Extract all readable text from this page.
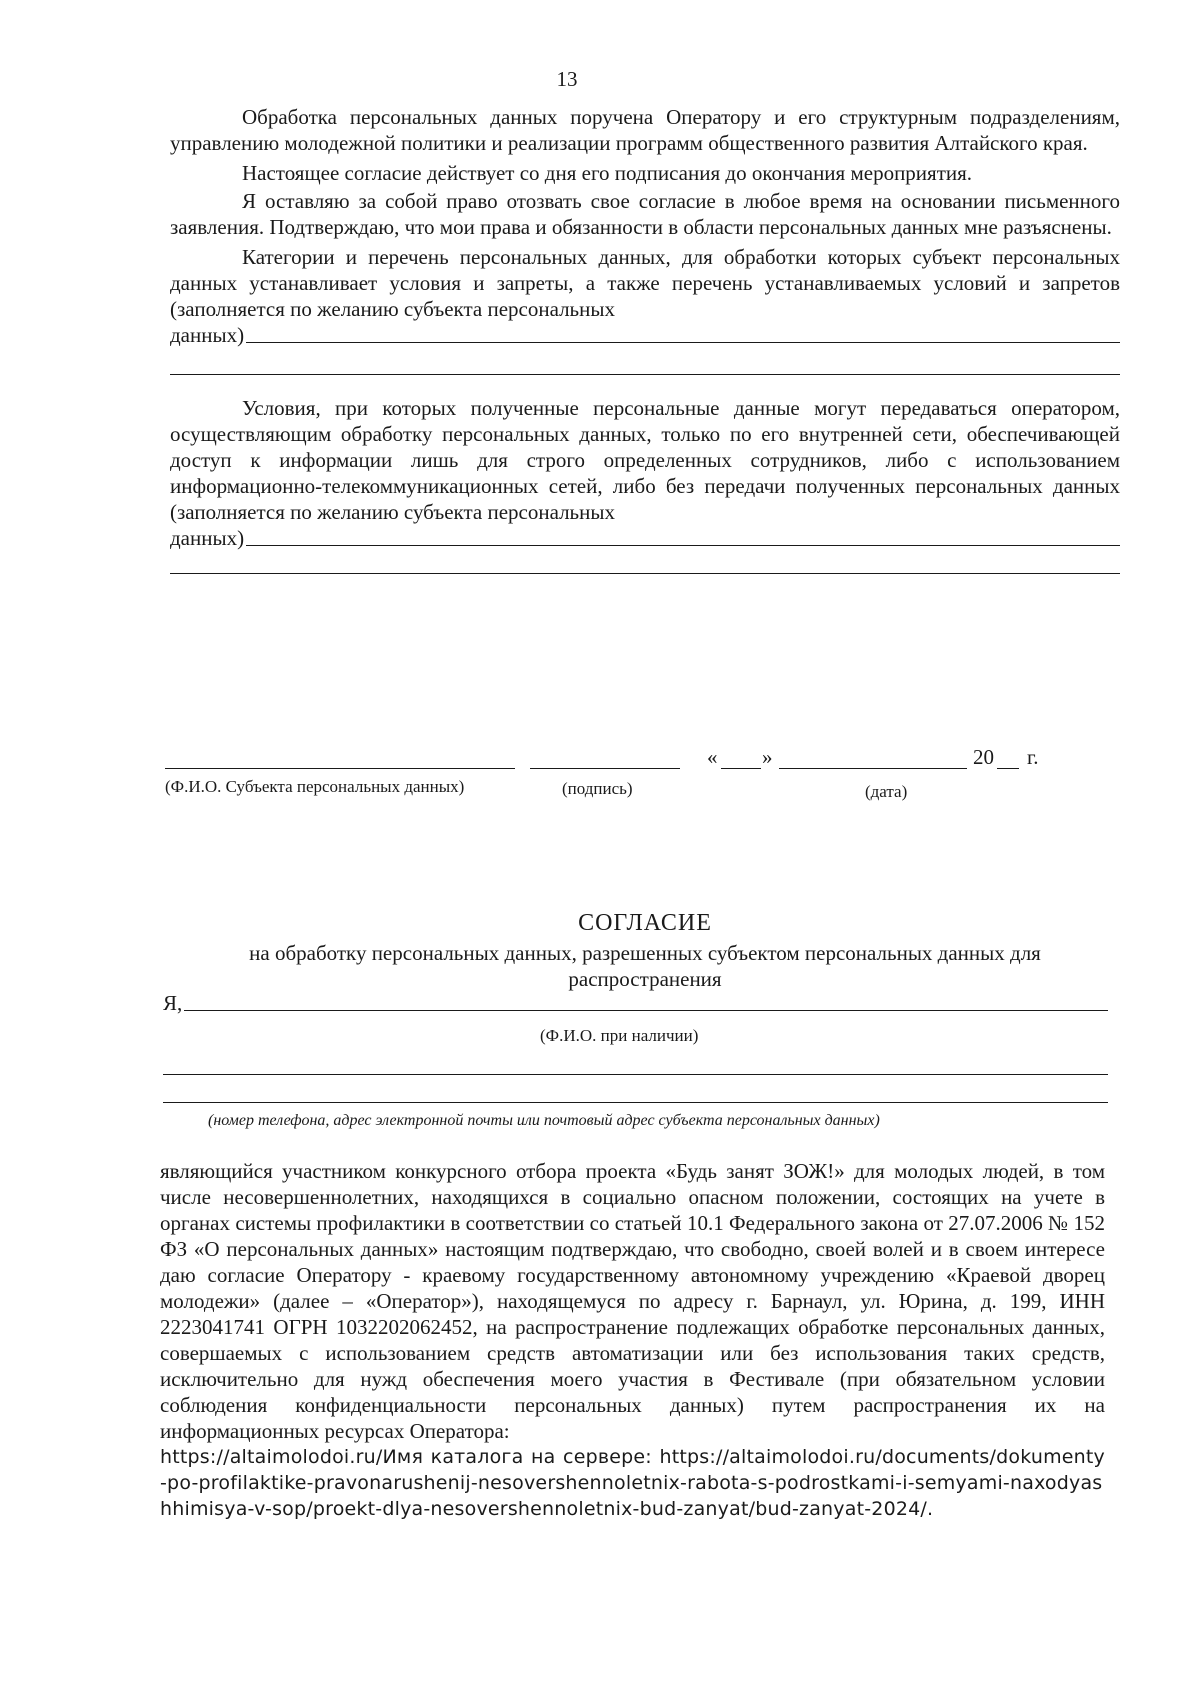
13

Обработка персональных данных поручена Оператору и его структурным подразделениям, управлению молодежной политики и реализации программ общественного развития Алтайского края.

Настоящее согласие действует со дня его подписания до окончания мероприятия.

Я оставляю за собой право отозвать свое согласие в любое время на основании письменного заявления. Подтверждаю, что мои права и обязанности в области персональных данных мне разъяснены.

Категории и перечень персональных данных, для обработки которых субъект персональных данных устанавливает условия и запреты, а также перечень устанавливаемых условий и запретов (заполняется по желанию субъекта персональных

данных)

Условия, при которых полученные персональные данные могут передаваться оператором, осуществляющим обработку персональных данных, только по его внутренней сети, обеспечивающей доступ к информации лишь для строго определенных сотрудников, либо с использованием информационно-телекоммуникационных сетей, либо без передачи полученных персональных данных (заполняется по желанию субъекта персональных

данных)
(Ф.И.О. Субъекта персональных данных)	(подпись)
« »	20 г.
(дата)
СОГЛАСИЕ
на обработку персональных данных, разрешенных субъектом персональных данных для
распространения
Я,
(Ф.И.О. при наличии)
(номер телефона, адрес электронной почты или почтовый адрес субъекта персональных данных)

являющийся участником конкурсного отбора проекта «Будь занят ЗОЖ!» для молодых людей, в том числе несовершеннолетних, находящихся в социально опасном положении, состоящих на учете в органах системы профилактики в соответствии со статьей 10.1 Федерального закона от 27.07.2006 № 152 ФЗ «О персональных данных» настоящим подтверждаю, что свободно, своей волей и в своем интересе даю согласие Оператору - краевому государственному автономному учреждению «Краевой дворец молодежи» (далее – «Оператор»), находящемуся по адресу г. Барнаул, ул. Юрина, д. 199, ИНН 2223041741 ОГРН 1032202062452, на распространение подлежащих обработке персональных данных, совершаемых с использованием средств автоматизации или без использования таких средств, исключительно для нужд обеспечения моего участия в Фестивале (при обязательном условии соблюдения конфиденциальности персональных данных) путем распространения их на информационных ресурсах Оператора:

https://altaimolodoi.ru/Имя каталога на сервере: https://altaimolodoi.ru/documents/dokumenty-po-profilaktike-pravonarushenij-nesovershennoletnix-rabota-s-podrostkami-i-semyami-naxodyashhimisya-v-sop/proekt-dlya-nesovershennoletnix-bud-zanyat/bud-zanyat-2024/.
